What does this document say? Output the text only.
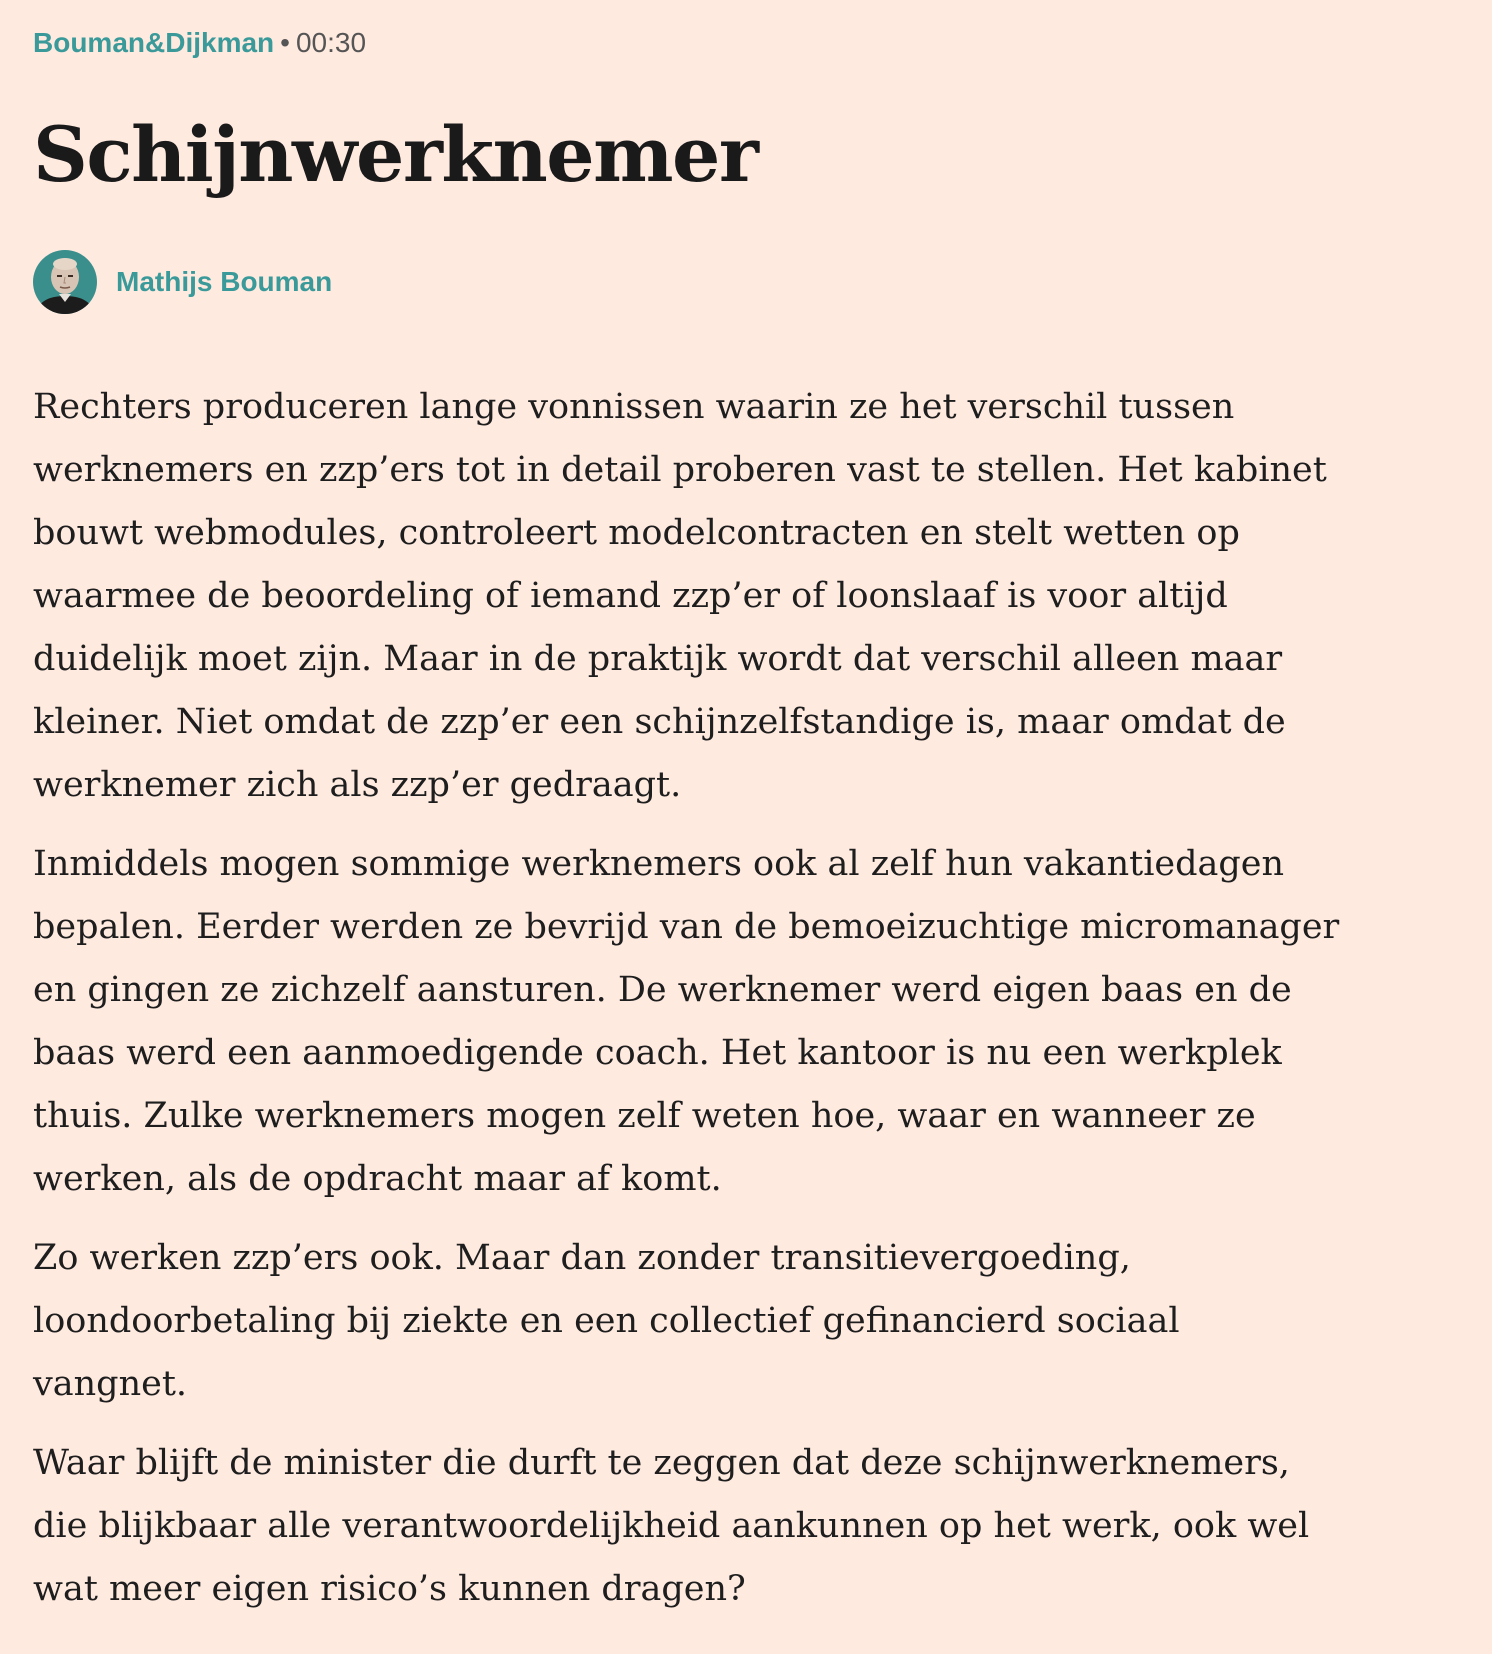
Bouman&Dijkman • 00:30
Schijnwerknemer
Mathijs Bouman

Rechters produceren lange vonnissen waarin ze het verschil tussen
werknemers en zzp’ers tot in detail proberen vast te stellen. Het kabinet
bouwt webmodules, controleert modelcontracten en stelt wetten op
waarmee de beoordeling of iemand zzp’er of loonslaaf is voor altijd
duidelijk moet zijn. Maar in de praktijk wordt dat verschil alleen maar
kleiner. Niet omdat de zzp’er een schijnzelfstandige is, maar omdat de
werknemer zich als zzp’er gedraagt.

Inmiddels mogen sommige werknemers ook al zelf hun vakantiedagen
bepalen. Eerder werden ze bevrijd van de bemoeizuchtige micromanager
en gingen ze zichzelf aansturen. De werknemer werd eigen baas en de
baas werd een aanmoedigende coach. Het kantoor is nu een werkplek
thuis. Zulke werknemers mogen zelf weten hoe, waar en wanneer ze
werken, als de opdracht maar af komt.

Zo werken zzp’ers ook. Maar dan zonder transitievergoeding,
loondoorbetaling bij ziekte en een collectief gefinancierd sociaal
vangnet.

Waar blijft de minister die durft te zeggen dat deze schijnwerknemers,
die blijkbaar alle verantwoordelijkheid aankunnen op het werk, ook wel
wat meer eigen risico’s kunnen dragen?
